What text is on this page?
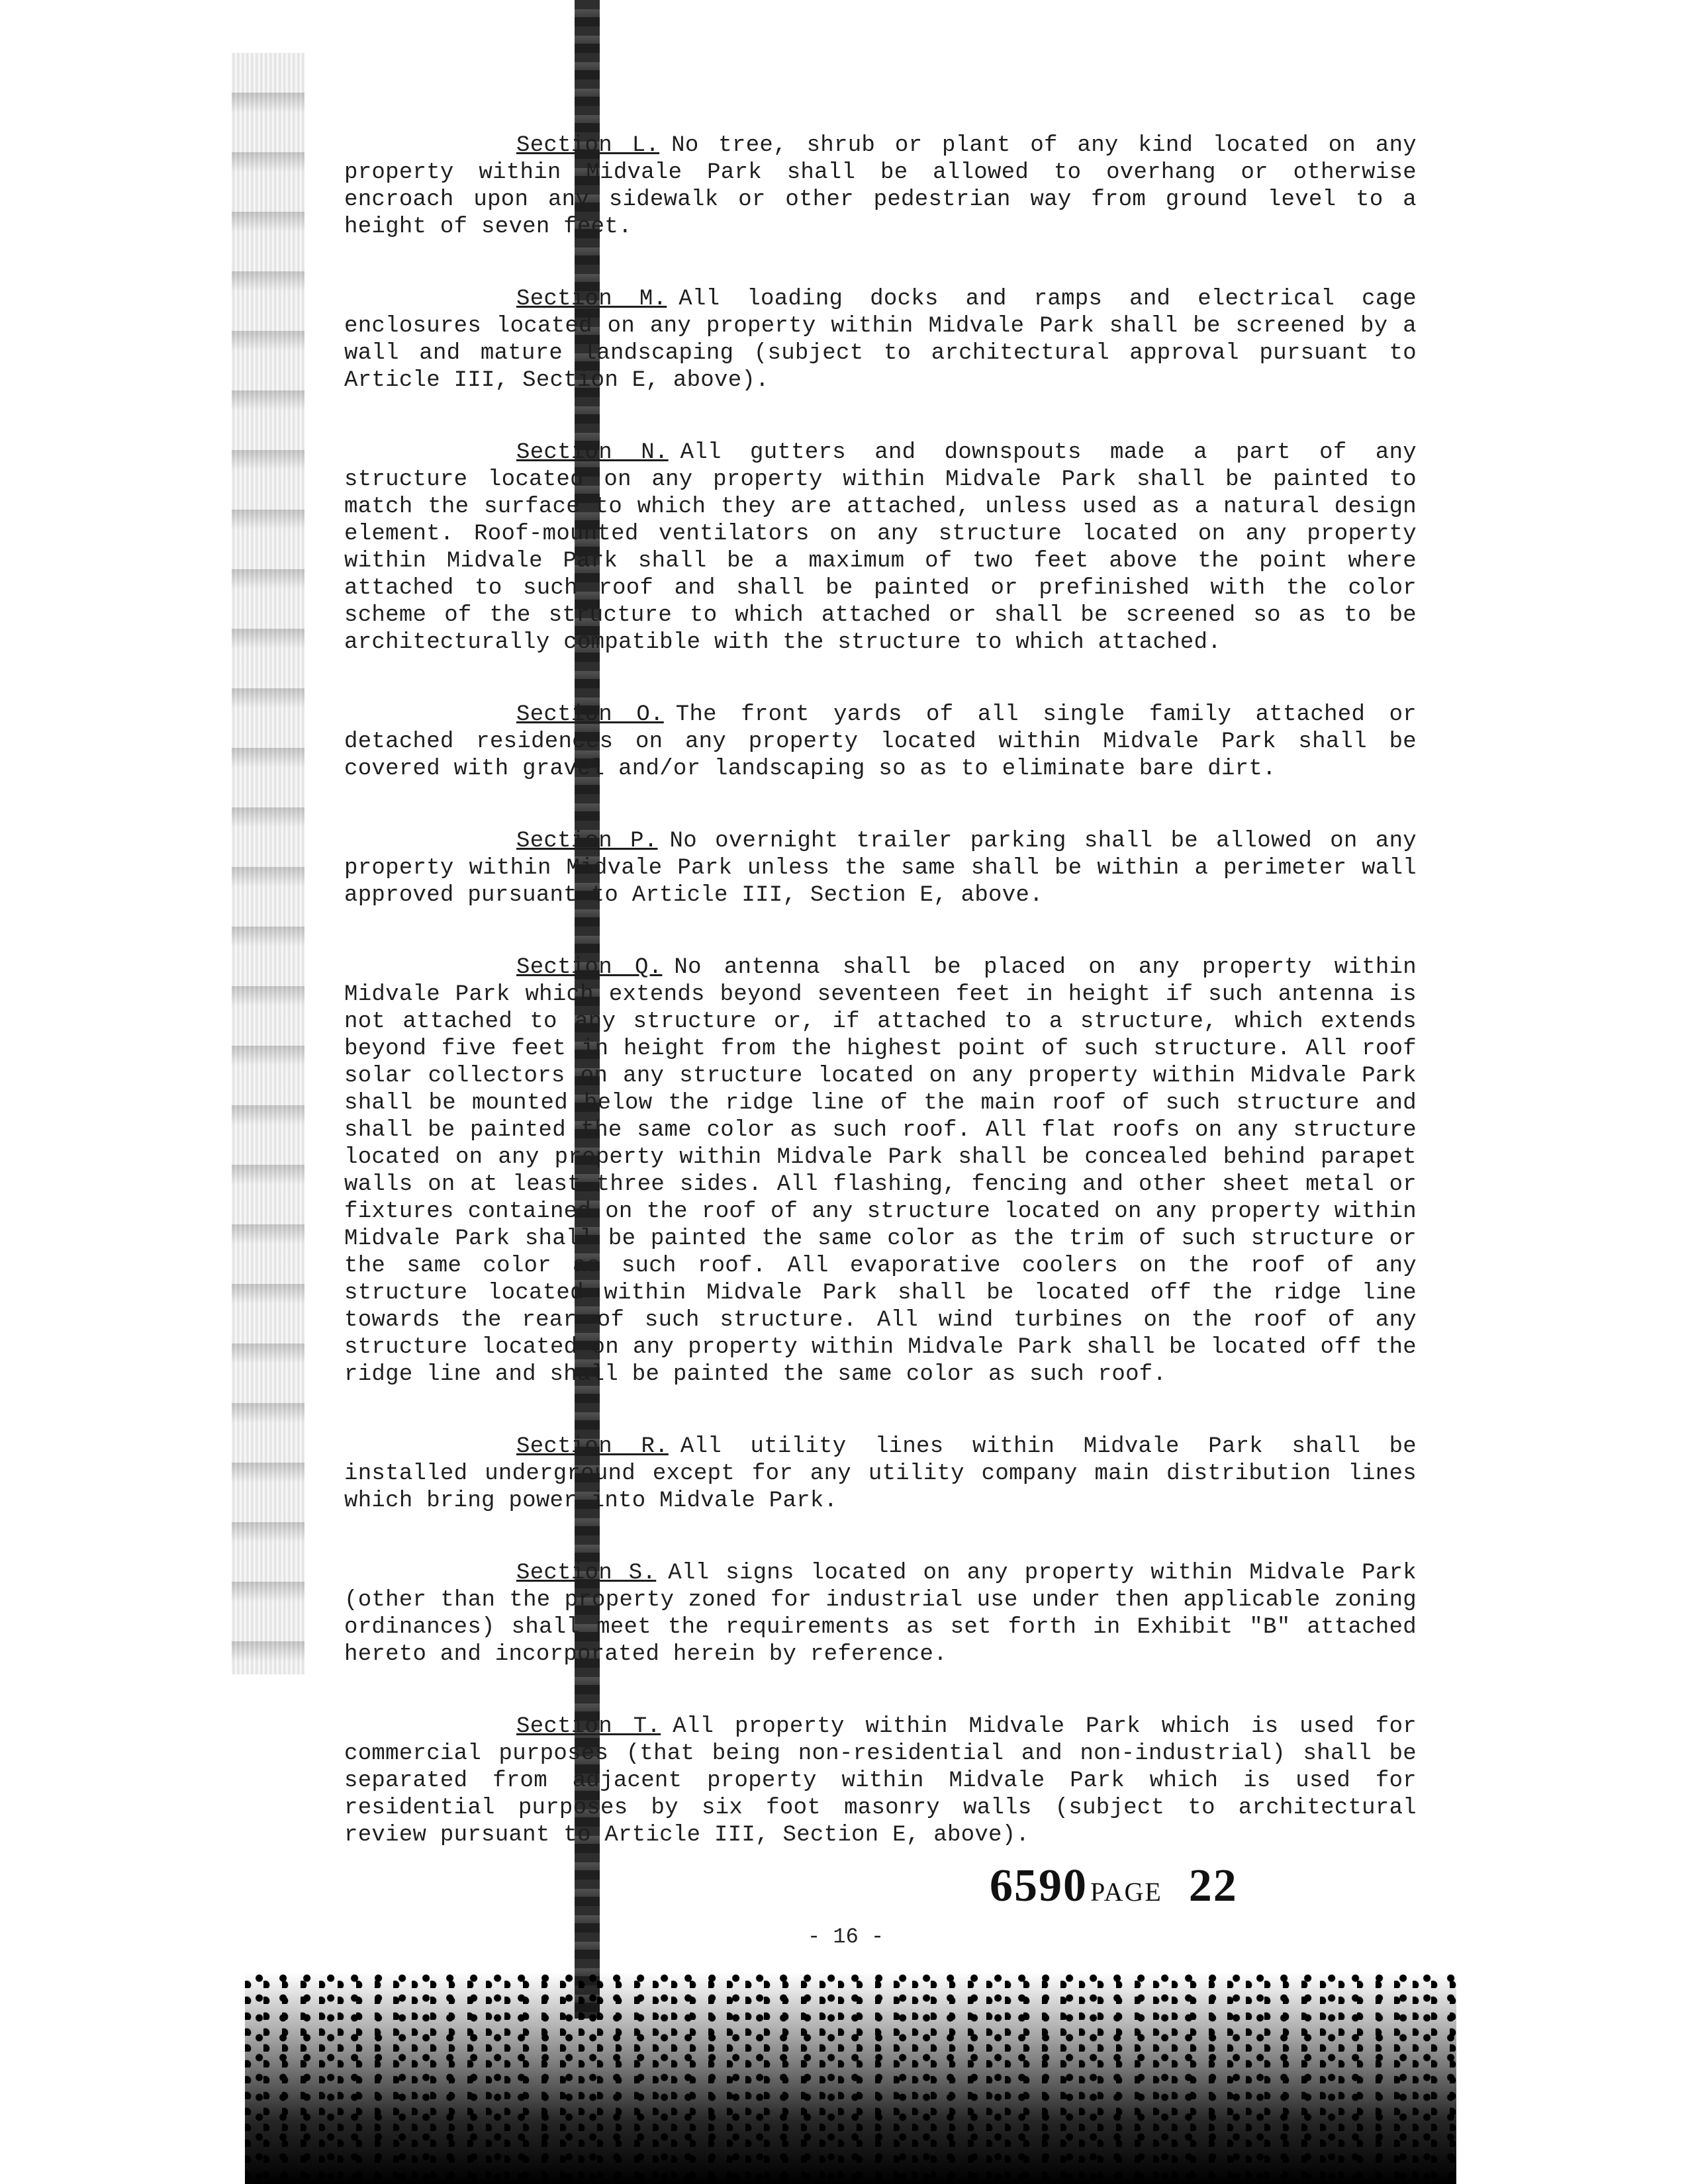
Section L. No tree, shrub or plant of any kind located on any property within Midvale Park shall be allowed to overhang or otherwise encroach upon any sidewalk or other pedestrian way from ground level to a height of seven feet.

Section M. All loading docks and ramps and electrical cage enclosures located on any property within Midvale Park shall be screened by a wall and mature landscaping (subject to architectural approval pursuant to Article III, Section E, above).

Section N. All gutters and downspouts made a part of any structure located on any property within Midvale Park shall be painted to match the surface to which they are attached, unless used as a natural design element. Roof-mounted ventilators on any structure located on any property within Midvale Park shall be a maximum of two feet above the point where attached to such roof and shall be painted or prefinished with the color scheme of the structure to which attached or shall be screened so as to be architecturally compatible with the structure to which attached.

Section O. The front yards of all single family attached or detached residences on any property located within Midvale Park shall be covered with gravel and/or landscaping so as to eliminate bare dirt.

Section P. No overnight trailer parking shall be allowed on any property within Midvale Park unless the same shall be within a perimeter wall approved pursuant to Article III, Section E, above.

Section Q. No antenna shall be placed on any property within Midvale Park which extends beyond seventeen feet in height if such antenna is not attached to any structure or, if attached to a structure, which extends beyond five feet in height from the highest point of such structure. All roof solar collectors on any structure located on any property within Midvale Park shall be mounted below the ridge line of the main roof of such structure and shall be painted the same color as such roof. All flat roofs on any structure located on any property within Midvale Park shall be concealed behind parapet walls on at least three sides. All flashing, fencing and other sheet metal or fixtures contained on the roof of any structure located on any property within Midvale Park shall be painted the same color as the trim of such structure or the same color as such roof. All evaporative coolers on the roof of any structure located within Midvale Park shall be located off the ridge line towards the rear of such structure. All wind turbines on the roof of any structure located on any property within Midvale Park shall be located off the ridge line and shall be painted the same color as such roof.

Section R. All utility lines within Midvale Park shall be installed underground except for any utility company main distribution lines which bring power into Midvale Park.

Section S. All signs located on any property within Midvale Park (other than the property zoned for industrial use under then applicable zoning ordinances) shall meet the requirements as set forth in Exhibit "B" attached hereto and incorporated herein by reference.

Section T. All property within Midvale Park which is used for commercial purposes (that being non-residential and non-industrial) shall be separated from adjacent property within Midvale Park which is used for residential purposes by six foot masonry walls (subject to architectural review pursuant to Article III, Section E, above).

6590 PAGE 22
- 16 -
